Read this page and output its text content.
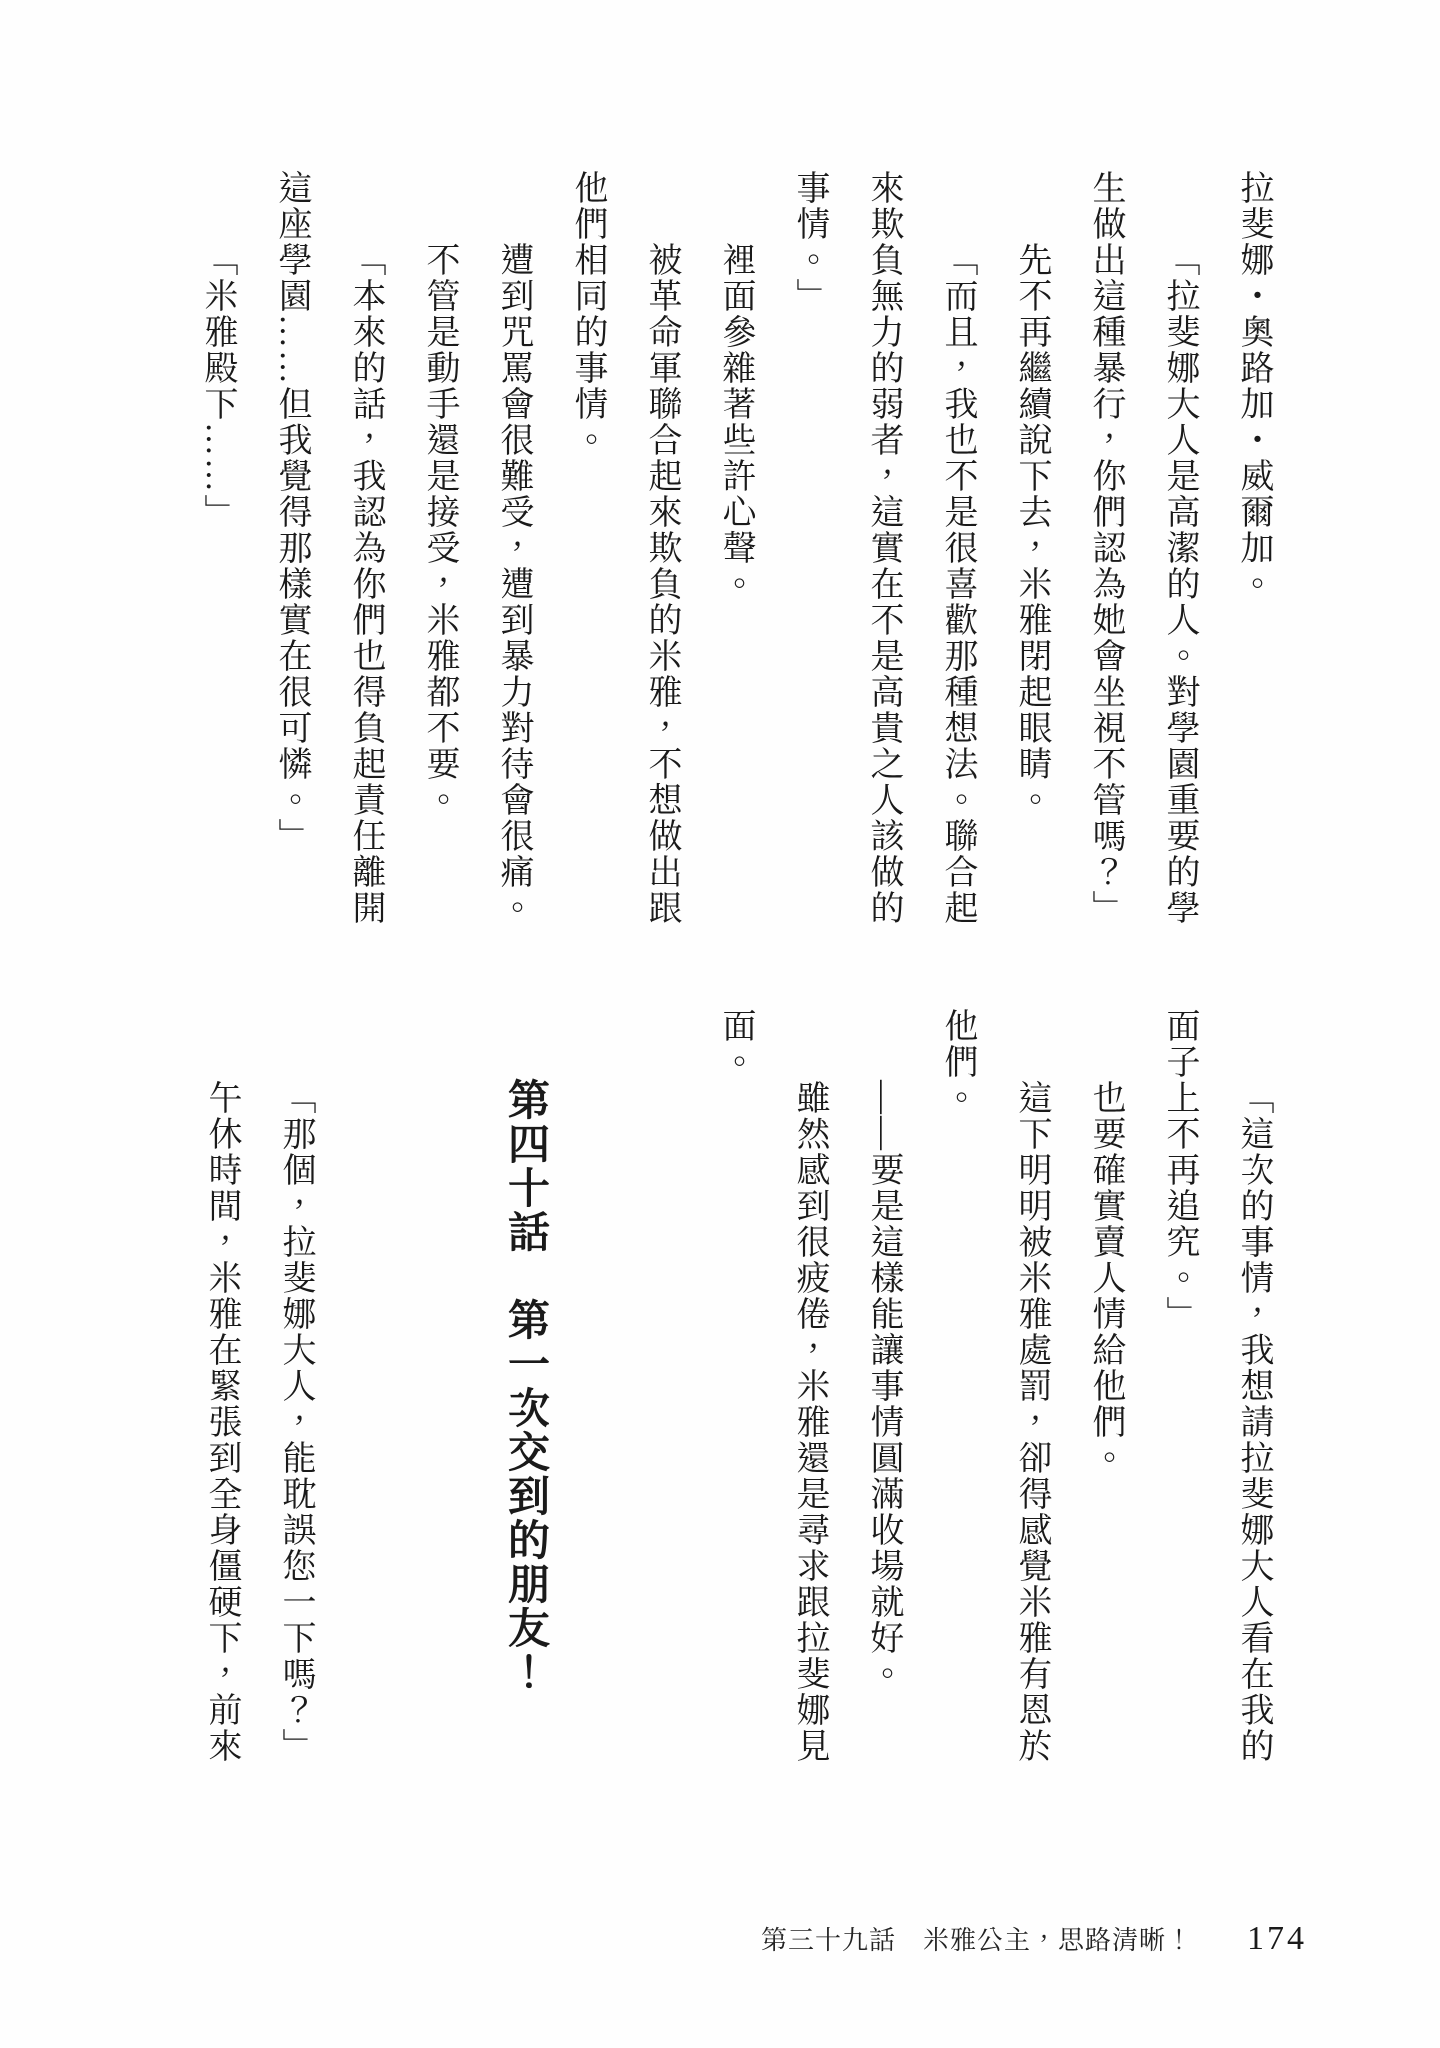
拉斐娜・奧路加・威爾加。

「拉斐娜大人是高潔的人。對學園重要的學生做出這種暴行，你們認為她會坐視不管嗎？」

先不再繼續說下去，米雅閉起眼睛。

「而且，我也不是很喜歡那種想法。聯合起來欺負無力的弱者，這實在不是高貴之人該做的事情。」

裡面參雜著些許心聲。

被革命軍聯合起來欺負的米雅，不想做出跟他們相同的事情。

遭到咒罵會很難受，遭到暴力對待會很痛。

不管是動手還是接受，米雅都不要。

「本來的話，我認為你們也得負起責任離開這座學園……但我覺得那樣實在很可憐。」

「米雅殿下……」

「這次的事情，我想請拉斐娜大人看在我的面子上不再追究。」

也要確實賣人情給他們。

這下明明被米雅處罰，卻得感覺米雅有恩於他們。

——要是這樣能讓事情圓滿收場就好。

雖然感到很疲倦，米雅還是尋求跟拉斐娜見面。

第四十話　第一次交到的朋友！

「那個，拉斐娜大人，能耽誤您一下嗎？」

午休時間，米雅在緊張到全身僵硬下，前來

第三十九話　米雅公主，思路清晰！ 174
